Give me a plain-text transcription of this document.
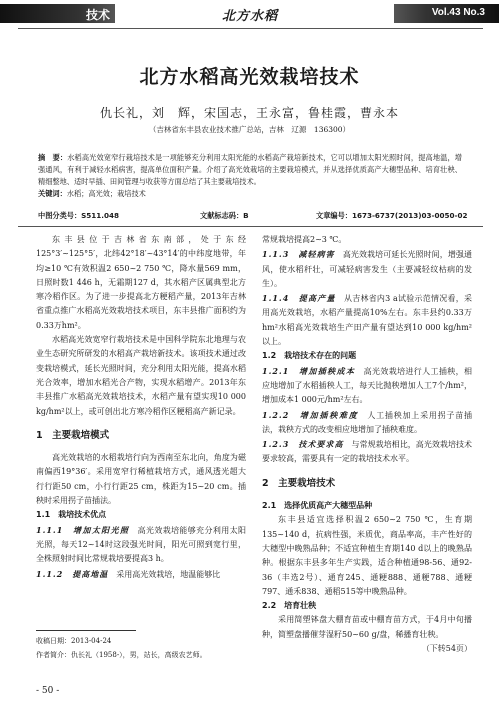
技术	北方水稻	Vol.43 No.3
北方水稻高光效栽培技术
仇长礼，刘　辉，宋国志，王永富，鲁桂霞，曹永本
（吉林省东丰县农业技术推广总站，吉林　辽源　136300）
摘　要：水稻高光效宽窄行栽培技术是一项能够充分利用太阳光能的水稻高产栽培新技术，它可以增加太阳光照时间，提高地温，增强通风，有利于减轻水稻病害，提高单位面积产量。介绍了高光效栽培的主要栽培模式，并从选择优质高产大穗型品种、培育壮秧、精细整地、适时早插、田间管理与收获等方面总结了其主要栽培技术。
关键词：水稻；高光效；栽培技术
中图分类号：S511.048	文献标志码：B	文章编号：1673-6737(2013)03-0050-02

东丰县位于吉林省东南部，处于东经125°3′~125°5′，北纬42°18′~43°14′的中纬度地带，年均≥10 ℃有效积温2 650~2 750 ℃，降水量569 mm，日照时数1 446 h，无霜期127 d，其水稻产区属典型北方寒冷稻作区。为了进一步提高北方粳稻产量，2013年吉林省重点推广水稻高光效栽培技术项目，东丰县推广面积约为0.33万hm²。

水稻高光效宽窄行栽培技术是中国科学院东北地理与农业生态研究所研发的水稻高产栽培新技术。该项技术通过改变栽培模式，延长光照时间，充分利用太阳光能，提高水稻光合效率，增加水稻光合产物，实现水稻增产。2013年东丰县推广水稻高光效栽培技术，水稻产量有望实现10 000 kg/hm²以上，或可创出北方寒冷稻作区粳稻高产新记录。

1　主要栽培模式

高光效栽培的水稻栽培行向为西南至东北向，角度为磁南偏西19°36′。采用宽窄行稀植栽培方式，通风透光超大行行距50 cm，小行行距25 cm，株距为15~20 cm。插秧时采用拐子苗插法。

1.1　栽培技术优点

1.1.1　增加太阳光照　 高光效栽培能够充分利用太阳光照，每天12~14时这段强光时间，阳光可照到宽行里，全株照射时间比常规栽培要提高3 h。

1.1.2　提高地温　 采用高光效栽培，地温能够比

常规栽培提高2~3 ℃。

1.1.3　减轻病害　 高光效栽培可延长光照时间，增强通风，使水稻秆壮，可减轻病害发生（主要减轻纹枯病的发生）。

1.1.4　提高产量　 从吉林省内3 a试验示范情况看，采用高光效栽培，水稻产量提高10%左右。东丰县约0.33万hm²水稻高光效栽培生产田产量有望达到10 000 kg/hm²以上。

1.2　栽培技术存在的问题

1.2.1　增加插秧成本　 高光效栽培进行人工插秧，相应地增加了水稻插秧人工，每天比抛秧增加人工7个/hm²，增加成本1 000元/hm²左右。

1.2.2　增加插秧难度　 人工插秧加上采用拐子苗插法，栽秧方式的改变相应地增加了插秧难度。

1.2.3　技术要求高　 与常规栽培相比，高光效栽培技术要求较高，需要具有一定的栽培技术水平。

2　主要栽培技术

2.1　选择优质高产大穗型品种

东丰县适宜选择积温2 650~2 750 ℃，生育期135~140 d，抗病性强，米质优，商品率高，丰产性好的大穗型中晚熟品种；不适宜种植生育期140 d以上的晚熟品种。根据东丰县多年生产实践，适合种植通98-56、通92-36（丰选2号）、通育245、通粳888、通粳788、通粳797、通禾838、通稻515等中晚熟品种。

2.2　培育壮秧

采用简塑钵盘大棚育苗或中棚育苗方式，于4月中旬播种，简塑盘播催芽湿籽50~60 g/盘，稀播育壮秧。

（下转54页）

收稿日期：2013-04-24
作者简介：仇长礼（1958-），男，站长，高级农艺师。
- 50 -
